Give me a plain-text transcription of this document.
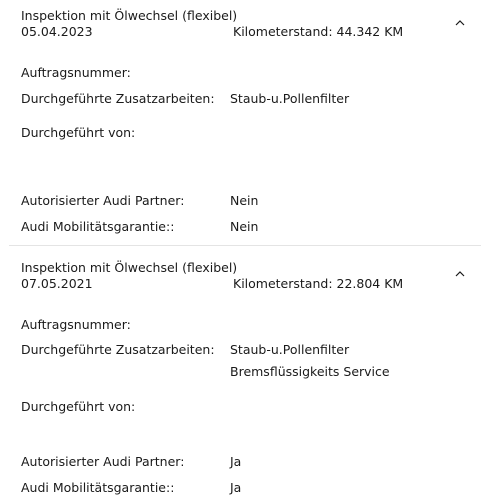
Inspektion mit Ölwechsel (flexibel)
05.04.2023	Kilometerstand: 44.342 KM
Auftragsnummer:
Durchgeführte Zusatzarbeiten: Staub-u.Pollenfilter
Durchgeführt von:
Autorisierter Audi Partner:	Nein
Audi Mobilitätsgarantie::	Nein
Inspektion mit Ölwechsel (flexibel)
07.05.2021	Kilometerstand: 22.804 KM
Auftragsnummer:
Durchgeführte Zusatzarbeiten: Staub-u.Pollenfilter
Bremsflüssigkeits Service
Durchgeführt von:
Autorisierter Audi Partner:	Ja
Audi Mobilitätsgarantie::	Ja
